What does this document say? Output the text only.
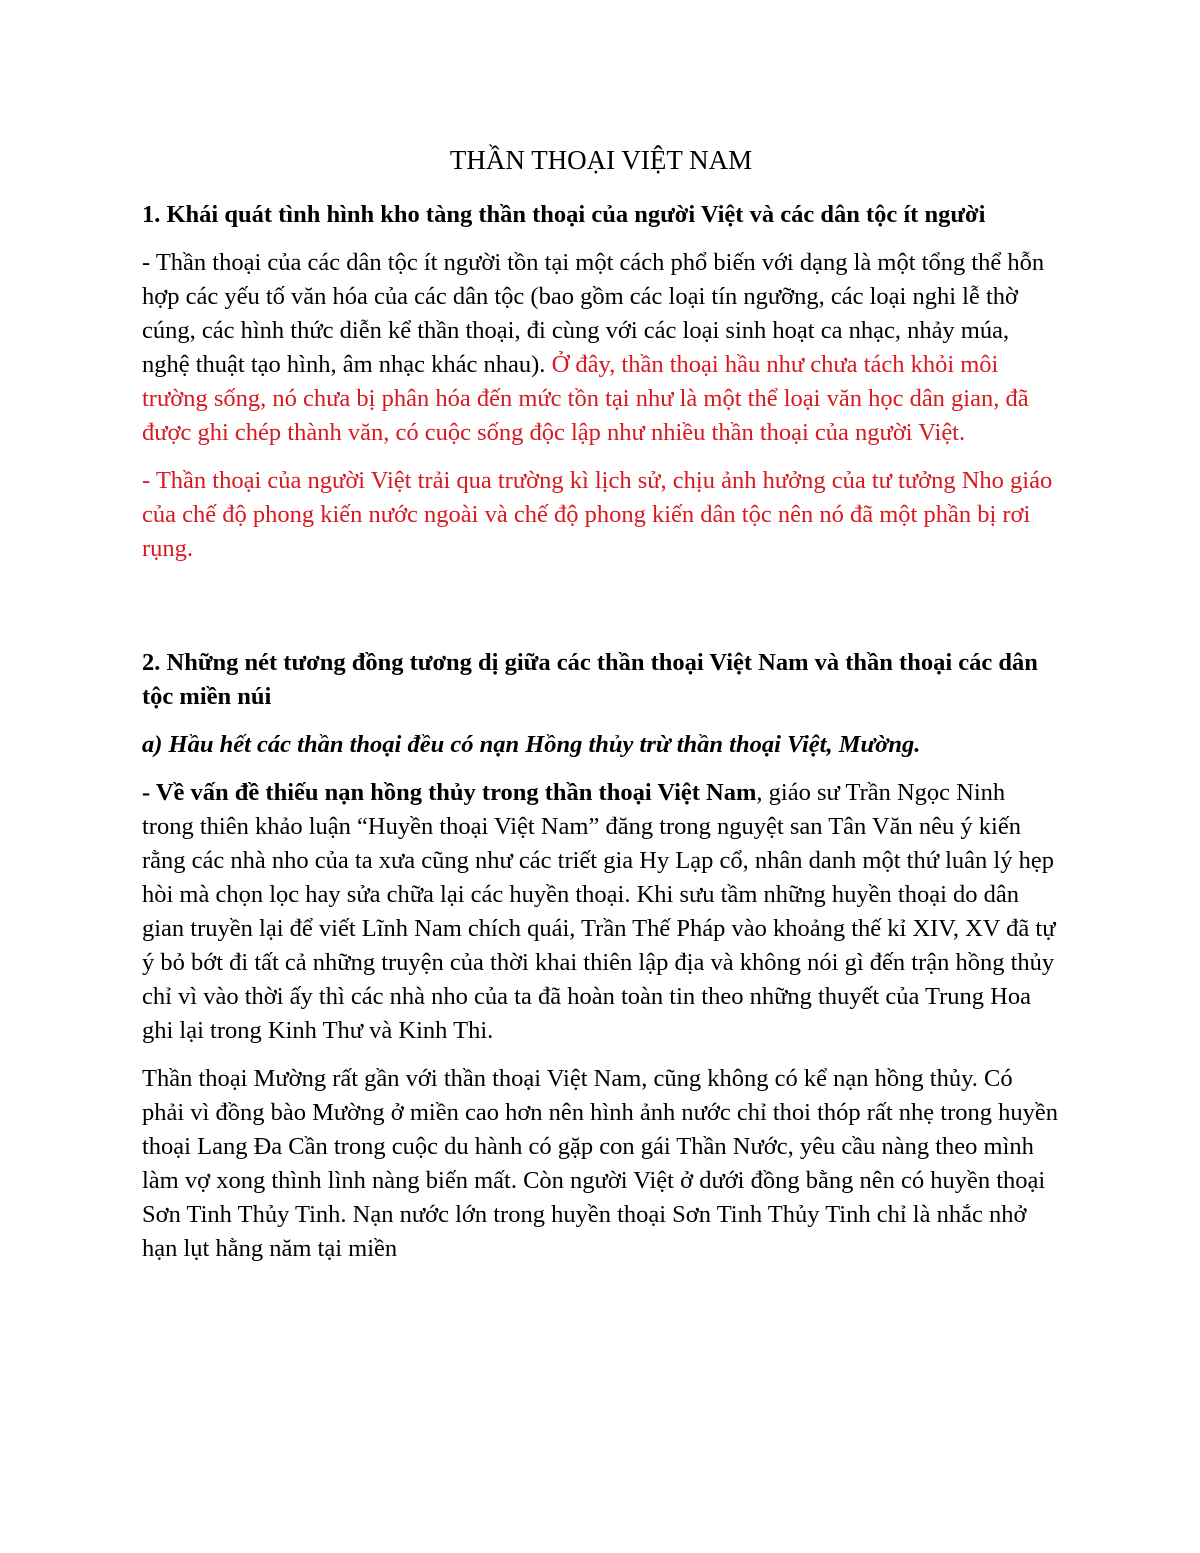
THẦN THOẠI VIỆT NAM
1. Khái quát tình hình kho tàng thần thoại của người Việt và các dân tộc ít người

- Thần thoại của các dân tộc ít người tồn tại một cách phổ biến với dạng là một tổng thể hỗn hợp các yếu tố văn hóa của các dân tộc (bao gồm các loại tín ngưỡng, các loại nghi lễ thờ cúng, các hình thức diễn kể thần thoại, đi cùng với các loại sinh hoạt ca nhạc, nhảy múa, nghệ thuật tạo hình, âm nhạc khác nhau). Ở đây, thần thoại hầu như chưa tách khỏi môi trường sống, nó chưa bị phân hóa đến mức tồn tại như là một thể loại văn học dân gian, đã được ghi chép thành văn, có cuộc sống độc lập như nhiều thần thoại của người Việt.

- Thần thoại của người Việt trải qua trường kì lịch sử, chịu ảnh hưởng của tư tưởng Nho giáo của chế độ phong kiến nước ngoài và chế độ phong kiến dân tộc nên nó đã một phần bị rơi rụng.

2. Những nét tương đồng tương dị giữa các thần thoại Việt Nam và thần thoại các dân tộc miền núi
a) Hầu hết các thần thoại đều có nạn Hồng thủy trừ thần thoại Việt, Mường.

- Về vấn đề thiếu nạn hồng thủy trong thần thoại Việt Nam, giáo sư Trần Ngọc Ninh trong thiên khảo luận “Huyền thoại Việt Nam” đăng trong nguyệt san Tân Văn nêu ý kiến rằng các nhà nho của ta xưa cũng như các triết gia Hy Lạp cổ, nhân danh một thứ luân lý hẹp hòi mà chọn lọc hay sửa chữa lại các huyền thoại. Khi sưu tầm những huyền thoại do dân gian truyền lại để viết Lĩnh Nam chích quái, Trần Thế Pháp vào khoảng thế kỉ XIV, XV đã tự ý bỏ bớt đi tất cả những truyện của thời khai thiên lập địa và không nói gì đến trận hồng thủy chỉ vì vào thời ấy thì các nhà nho của ta đã hoàn toàn tin theo những thuyết của Trung Hoa ghi lại trong Kinh Thư và Kinh Thi.

Thần thoại Mường rất gần với thần thoại Việt Nam, cũng không có kể nạn hồng thủy. Có phải vì đồng bào Mường ở miền cao hơn nên hình ảnh nước chỉ thoi thóp rất nhẹ trong huyền thoại Lang Đa Cần trong cuộc du hành có gặp con gái Thần Nước, yêu cầu nàng theo mình làm vợ xong thình lình nàng biến mất. Còn người Việt ở dưới đồng bằng nên có huyền thoại Sơn Tinh Thủy Tinh. Nạn nước lớn trong huyền thoại Sơn Tinh Thủy Tinh chỉ là nhắc nhở hạn lụt hằng năm tại miền
